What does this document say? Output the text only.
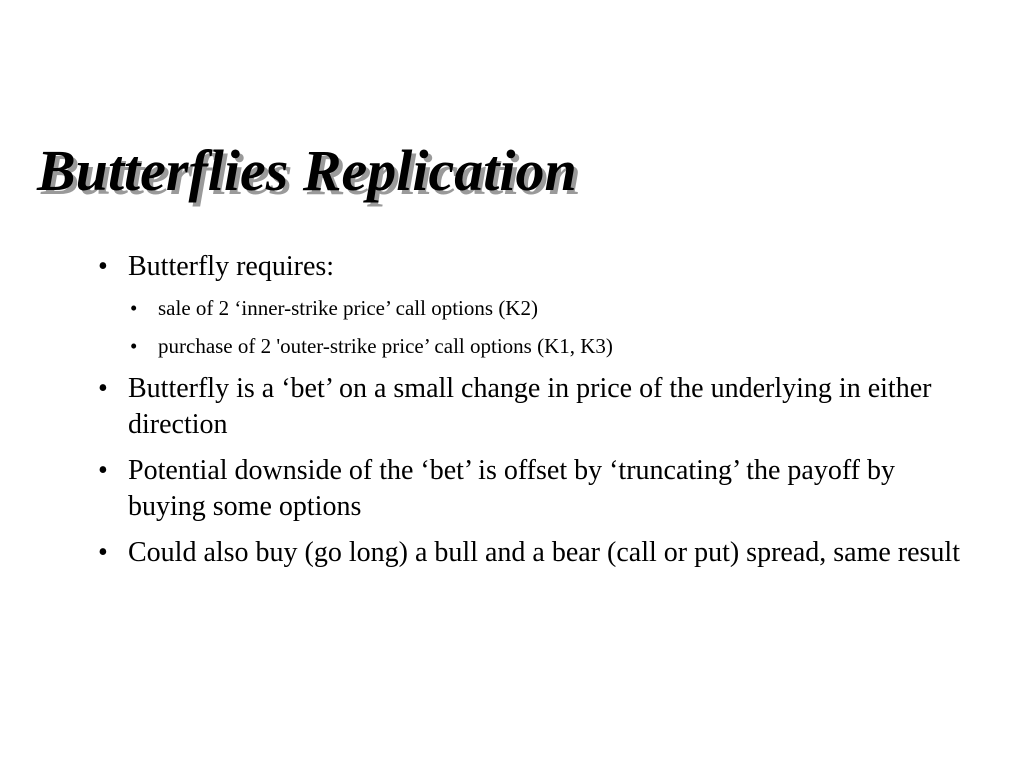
Butterflies Replication
• Butterfly requires:
• sale of 2 ‘inner-strike price’ call options (K2)
• purchase of 2 'outer-strike price’ call options (K1, K3)
• Butterfly is a ‘bet’ on a small change in price of the underlying in either direction
• Potential downside of the ‘bet’ is offset by ‘truncating’ the payoff by buying some options
• Could also buy (go long) a bull and a bear (call or put) spread, same result
